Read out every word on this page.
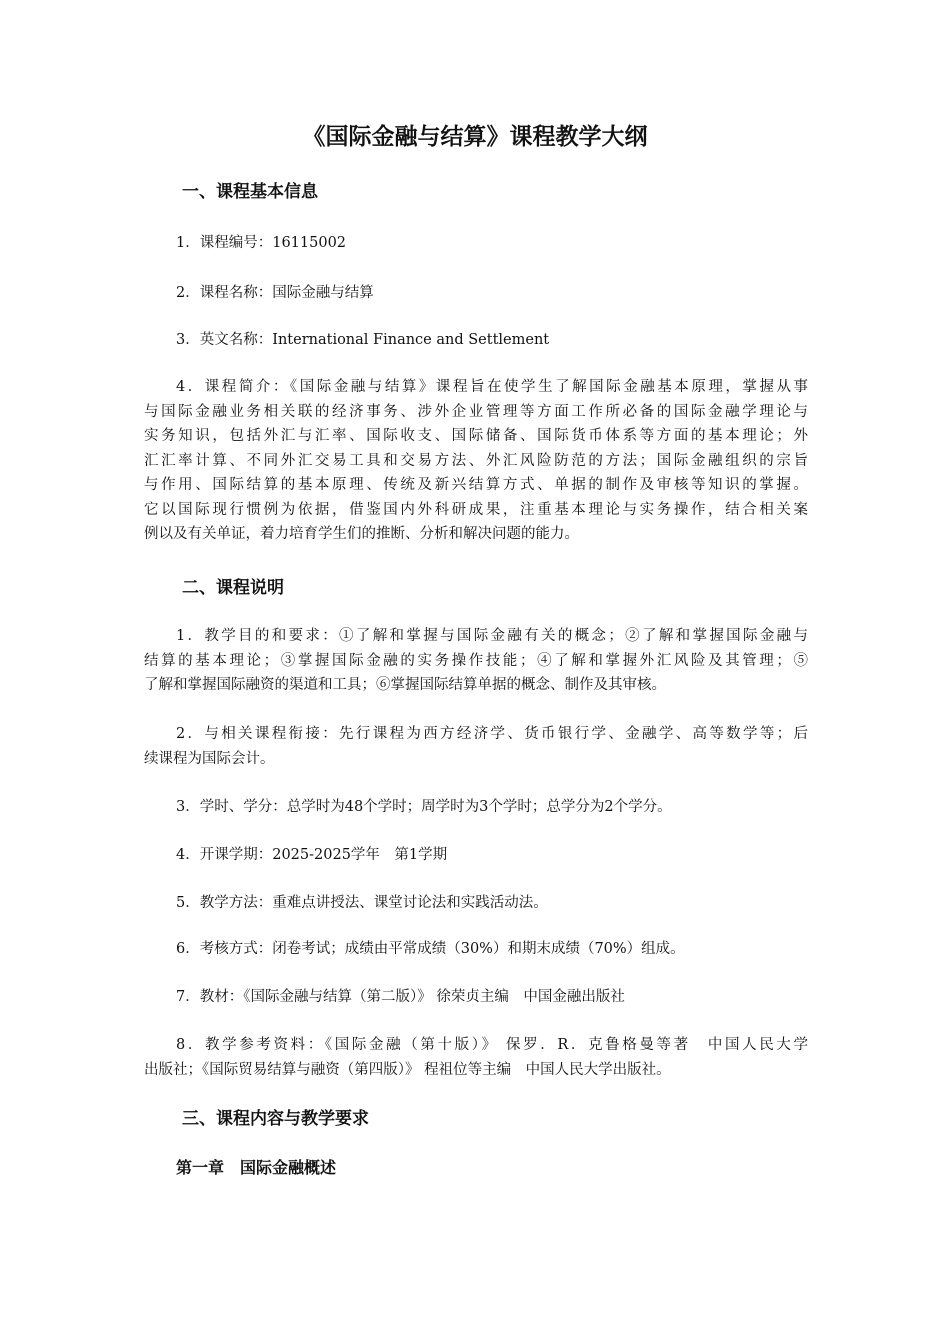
《国际金融与结算》课程教学大纲
一、课程基本信息
1．课程编号：16115002
2．课程名称：国际金融与结算
3．英文名称：International Finance and Settlement
4．课程简介：《国际金融与结算》课程旨在使学生了解国际金融基本原理，掌握从事
与国际金融业务相关联的经济事务、涉外企业管理等方面工作所必备的国际金融学理论与
实务知识，包括外汇与汇率、国际收支、国际储备、国际货币体系等方面的基本理论；外
汇汇率计算、不同外汇交易工具和交易方法、外汇风险防范的方法；国际金融组织的宗旨
与作用、国际结算的基本原理、传统及新兴结算方式、单据的制作及审核等知识的掌握。
它以国际现行惯例为依据，借鉴国内外科研成果，注重基本理论与实务操作，结合相关案
例以及有关单证，着力培育学生们的推断、分析和解决问题的能力。
二、课程说明
1．教学目的和要求：①了解和掌握与国际金融有关的概念；②了解和掌握国际金融与
结算的基本理论；③掌握国际金融的实务操作技能；④了解和掌握外汇风险及其管理；⑤
了解和掌握国际融资的渠道和工具；⑥掌握国际结算单据的概念、制作及其审核。
2．与相关课程衔接：先行课程为西方经济学、货币银行学、金融学、高等数学等；后
续课程为国际会计。
3．学时、学分：总学时为48个学时；周学时为3个学时；总学分为2个学分。
4．开课学期：2025-2025学年　第1学期
5．教学方法：重难点讲授法、课堂讨论法和实践活动法。
6．考核方式：闭卷考试；成绩由平常成绩（30%）和期末成绩（70%）组成。
7．教材：《国际金融与结算（第二版）》 徐荣贞主编　中国金融出版社
8．教学参考资料：《国际金融（第十版）》 保罗．R．克鲁格曼等著　中国人民大学
出版社；《国际贸易结算与融资（第四版）》 程祖位等主编　中国人民大学出版社。
三、课程内容与教学要求
第一章　国际金融概述
